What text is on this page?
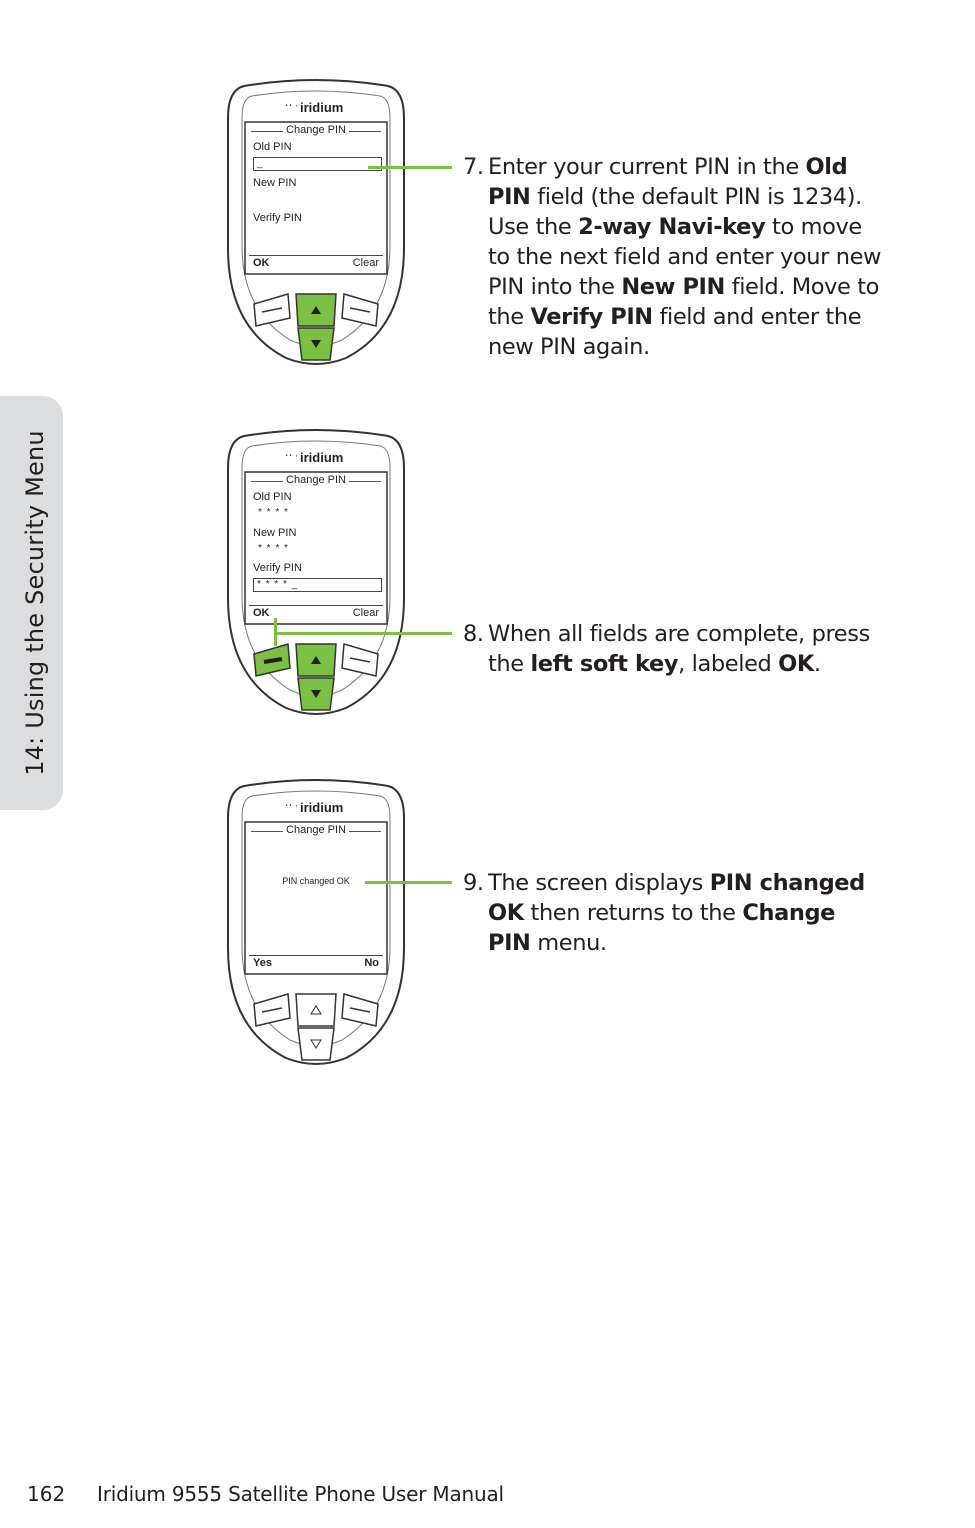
14: Using the Security Menu
iridium
⠐⠂·
Change PIN
Old PIN
_
New PIN
Verify PIN
OK	Clear
iridium
⠐⠂·
Change PIN
Old PIN
* * * *
New PIN
* * * *
Verify PIN
* * * * _
OK	Clear
iridium
⠐⠂·
Change PIN
PIN changed OK
Yes	No
7. Enter your current PIN in the Old PIN field (the default PIN is 1234). Use the 2-way Navi-key to move to the next field and enter your new PIN into the New PIN field. Move to the Verify PIN field and enter the new PIN again.
8. When all fields are complete, press the left soft key, labeled OK.
9. The screen displays PIN changed OK then returns to the Change PIN menu.
162 Iridium 9555 Satellite Phone User Manual
